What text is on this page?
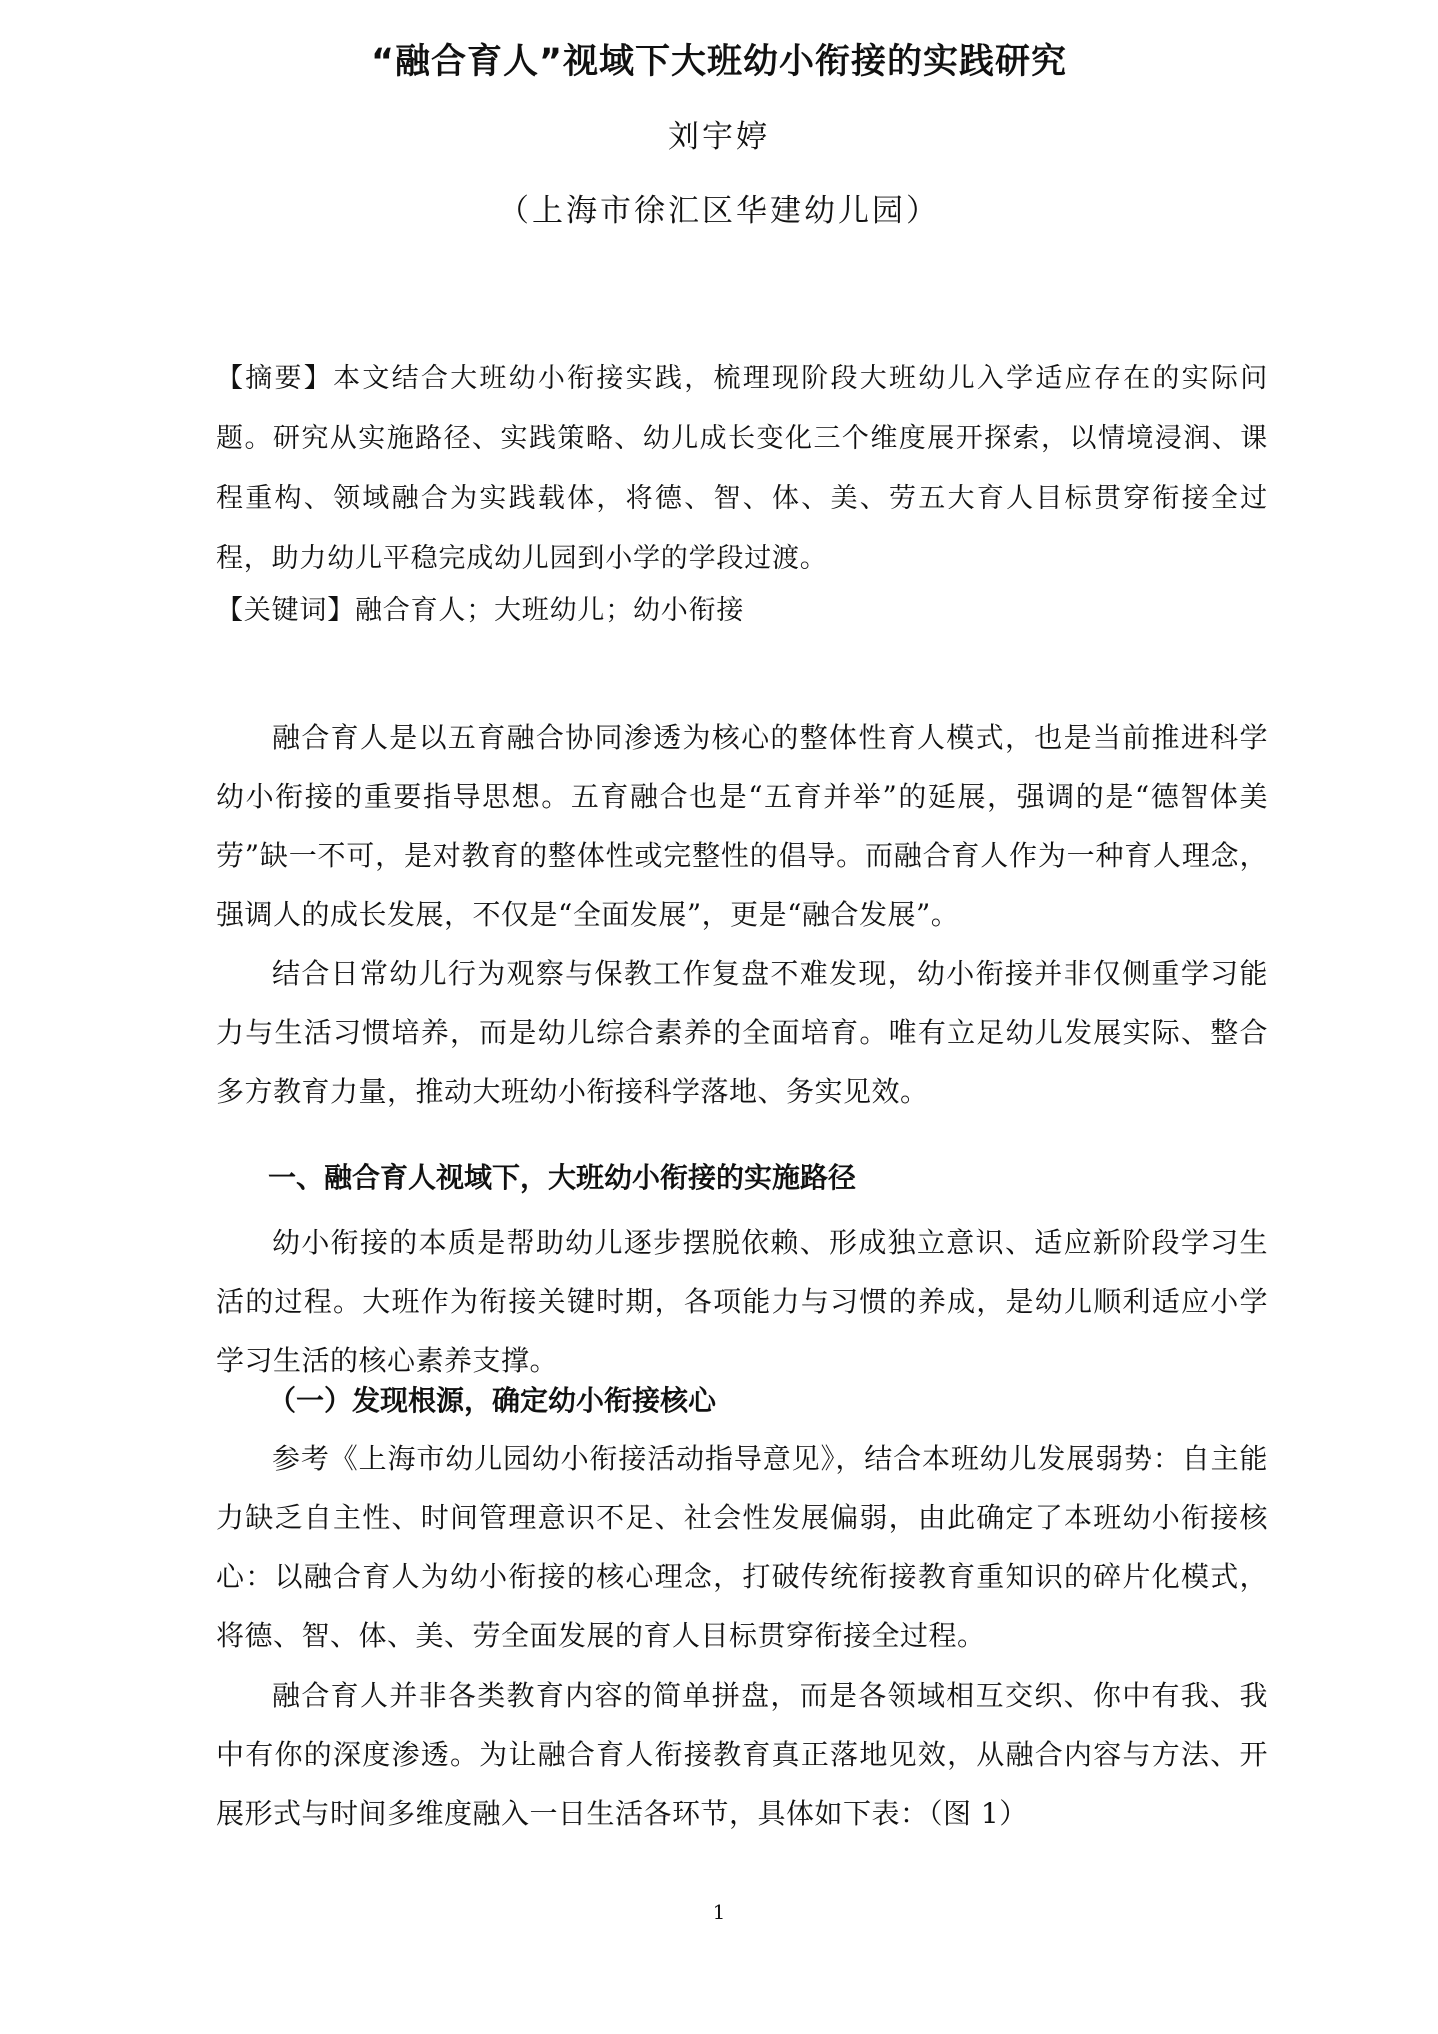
“融合育人”视域下大班幼小衔接的实践研究
刘宇婷
（上海市徐汇区华建幼儿园）
【摘要】本文结合大班幼小衔接实践，梳理现阶段大班幼儿入学适应存在的实际问题。研究从实施路径、实践策略、幼儿成长变化三个维度展开探索，以情境浸润、课程重构、领域融合为实践载体，将德、智、体、美、劳五大育人目标贯穿衔接全过程，助力幼儿平稳完成幼儿园到小学的学段过渡。
【关键词】融合育人；大班幼儿；幼小衔接

融合育人是以五育融合协同渗透为核心的整体性育人模式，也是当前推进科学幼小衔接的重要指导思想。五育融合也是“五育并举”的延展，强调的是“德智体美劳”缺一不可，是对教育的整体性或完整性的倡导。而融合育人作为一种育人理念，强调人的成长发展，不仅是“全面发展”，更是“融合发展”。

结合日常幼儿行为观察与保教工作复盘不难发现，幼小衔接并非仅侧重学习能力与生活习惯培养，而是幼儿综合素养的全面培育。唯有立足幼儿发展实际、整合多方教育力量，推动大班幼小衔接科学落地、务实见效。

一、融合育人视域下，大班幼小衔接的实施路径

幼小衔接的本质是帮助幼儿逐步摆脱依赖、形成独立意识、适应新阶段学习生活的过程。大班作为衔接关键时期，各项能力与习惯的养成，是幼儿顺利适应小学学习生活的核心素养支撑。

（一）发现根源，确定幼小衔接核心

参考《上海市幼儿园幼小衔接活动指导意见》，结合本班幼儿发展弱势：自主能力缺乏自主性、时间管理意识不足、社会性发展偏弱，由此确定了本班幼小衔接核心：以融合育人为幼小衔接的核心理念，打破传统衔接教育重知识的碎片化模式，将德、智、体、美、劳全面发展的育人目标贯穿衔接全过程。

融合育人并非各类教育内容的简单拼盘，而是各领域相互交织、你中有我、我中有你的深度渗透。为让融合育人衔接教育真正落地见效，从融合内容与方法、开展形式与时间多维度融入一日生活各环节，具体如下表：（图 1）

1
